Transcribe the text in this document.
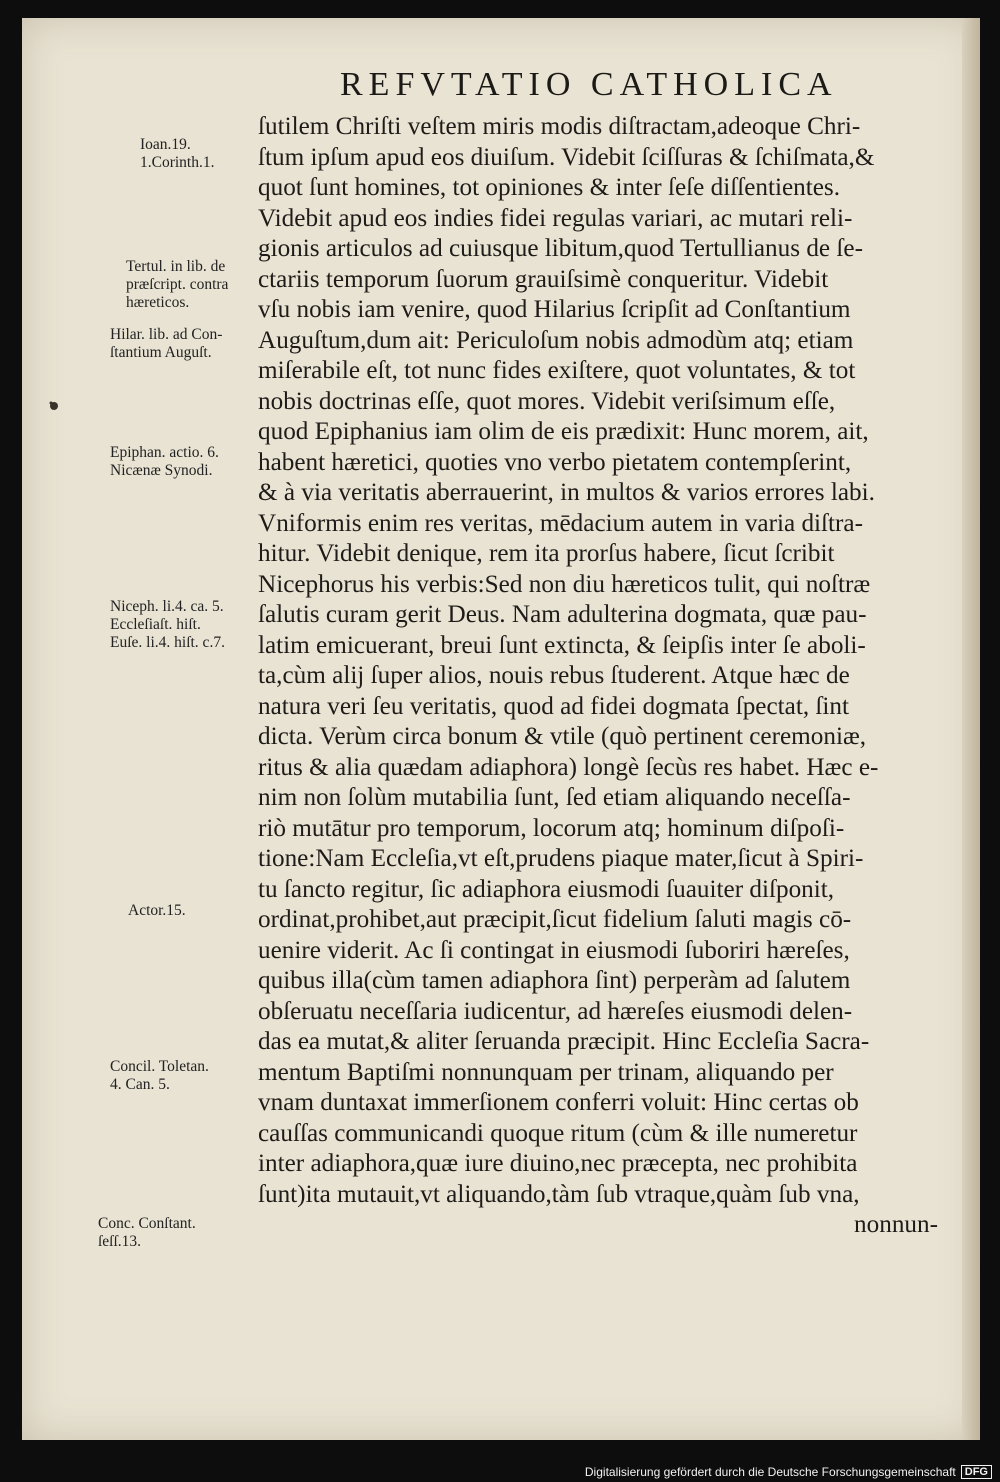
REFVTATIO CATHOLICA
ſutilem Chriſti veſtem miris modis diſtractam,adeoque Chri-
ſtum ipſum apud eos diuiſum. Videbit ſciſſuras & ſchiſmata,&
quot ſunt homines, tot opiniones & inter ſeſe diſſentientes.
Videbit apud eos indies fidei regulas variari, ac mutari reli-
gionis articulos ad cuiusque libitum,quod Tertullianus de ſe-
ctariis temporum ſuorum grauiſsimè conqueritur. Videbit
vſu nobis iam venire, quod Hilarius ſcripſit ad Conſtantium
Auguſtum,dum ait: Periculoſum nobis admodùm atq; etiam
miſerabile eſt, tot nunc fides exiſtere, quot voluntates, & tot
nobis doctrinas eſſe, quot mores. Videbit veriſsimum eſſe,
quod Epiphanius iam olim de eis prædixit: Hunc morem, ait,
habent hæretici, quoties vno verbo pietatem contempſerint,
& à via veritatis aberrauerint, in multos & varios errores labi.
Vniformis enim res veritas, mēdacium autem in varia diſtra-
hitur. Videbit denique, rem ita prorſus habere, ſicut ſcribit
Nicephorus his verbis:Sed non diu hæreticos tulit, qui noſtræ
ſalutis curam gerit Deus. Nam adulterina dogmata, quæ pau-
latim emicuerant, breui ſunt extincta, & ſeipſis inter ſe aboli-
ta,cùm alij ſuper alios, nouis rebus ſtuderent. Atque hæc de
natura veri ſeu veritatis, quod ad fidei dogmata ſpectat, ſint
dicta. Verùm circa bonum & vtile (quò pertinent ceremoniæ,
ritus & alia quædam adiaphora) longè ſecùs res habet. Hæc e-
nim non ſolùm mutabilia ſunt, ſed etiam aliquando neceſſa-
riò mutātur pro temporum, locorum atq; hominum diſpoſi-
tione:Nam Eccleſia,vt eſt,prudens piaque mater,ſicut à Spiri-
tu ſancto regitur, ſic adiaphora eiusmodi ſuauiter diſponit,
ordinat,prohibet,aut præcipit,ſicut fidelium ſaluti magis cō-
uenire viderit. Ac ſi contingat in eiusmodi ſuboriri hæreſes,
quibus illa(cùm tamen adiaphora ſint) perperàm ad ſalutem
obſeruatu neceſſaria iudicentur, ad hæreſes eiusmodi delen-
das ea mutat,& aliter ſeruanda præcipit. Hinc Eccleſia Sacra-
mentum Baptiſmi nonnunquam per trinam, aliquando per
vnam duntaxat immerſionem conferri voluit: Hinc certas ob
cauſſas communicandi quoque ritum (cùm & ille numeretur
inter adiaphora,quæ iure diuino,nec præcepta, nec prohibita
ſunt)ita mutauit,vt aliquando,tàm ſub vtraque,quàm ſub vna,
nonnun-
Ioan.19.
1.Corinth.1.
Tertul. in lib. de
præſcript. contra
hæreticos.
Hilar. lib. ad Con-
ſtantium Auguſt.
Epiphan. actio. 6.
Nicænæ Synodi.
Niceph. li.4. ca. 5.
Eccleſiaſt. hiſt.
Euſe. li.4. hiſt. c.7.
Actor.15.
Concil. Toletan.
4. Can. 5.
Conc. Conſtant.
ſeſſ.13.
Digitalisierung gefördert durch die Deutsche Forschungsgemeinschaft DFG
